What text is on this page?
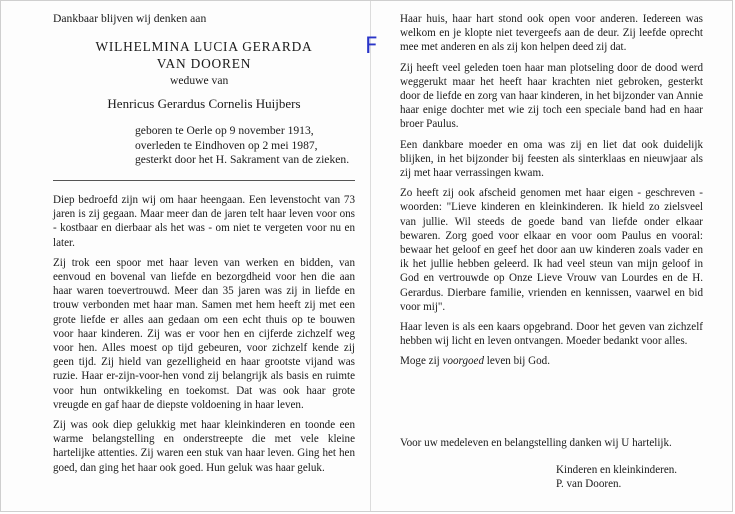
Dankbaar blijven wij denken aan
WILHELMINA LUCIA GERARDA
VAN DOOREN
F
weduwe van
Henricus Gerardus Cornelis Huijbers
geboren te Oerle op 9 november 1913,
overleden te Eindhoven op 2 mei 1987,
gesterkt door het H. Sakrament van de zieken.

Diep bedroefd zijn wij om haar heengaan. Een levenstocht van 73 jaren is zij gegaan. Maar meer dan de jaren telt haar leven voor ons - kostbaar en dierbaar als het was - om niet te vergeten voor nu en later.

Zij trok een spoor met haar leven van werken en bidden, van eenvoud en bovenal van liefde en bezorgdheid voor hen die aan haar waren toevertrouwd. Meer dan 35 jaren was zij in liefde en trouw verbonden met haar man. Samen met hem heeft zij met een grote liefde er alles aan gedaan om een echt thuis op te bouwen voor haar kinderen. Zij was er voor hen en cijferde zichzelf weg voor hen. Alles moest op tijd gebeuren, voor zichzelf kende zij geen tijd. Zij hield van gezelligheid en haar grootste vijand was ruzie. Haar er-zijn-voor-hen vond zij belangrijk als basis en ruimte voor hun ontwikkeling en toekomst. Dat was ook haar grote vreugde en gaf haar de diepste voldoening in haar leven.

Zij was ook diep gelukkig met haar kleinkinderen en toonde een warme belangstelling en onderstreepte die met vele kleine hartelijke attenties. Zij waren een stuk van haar leven. Ging het hen goed, dan ging het haar ook goed. Hun geluk was haar geluk.

Haar huis, haar hart stond ook open voor anderen. Iedereen was welkom en je klopte niet tevergeefs aan de deur. Zij leefde oprecht mee met anderen en als zij kon helpen deed zij dat.

Zij heeft veel geleden toen haar man plotseling door de dood werd weggerukt maar het heeft haar krachten niet gebroken, gesterkt door de liefde en zorg van haar kinderen, in het bijzonder van Annie haar enige dochter met wie zij toch een speciale band had en haar broer Paulus.

Een dankbare moeder en oma was zij en liet dat ook duidelijk blijken, in het bijzonder bij feesten als sinterklaas en nieuwjaar als zij met haar verrassingen kwam.

Zo heeft zij ook afscheid genomen met haar eigen - geschreven - woorden: "Lieve kinderen en kleinkinderen. Ik hield zo zielsveel van jullie. Wil steeds de goede band van liefde onder elkaar bewaren. Zorg goed voor elkaar en voor oom Paulus en vooral: bewaar het geloof en geef het door aan uw kinderen zoals vader en ik het jullie hebben geleerd. Ik had veel steun van mijn geloof in God en vertrouwde op Onze Lieve Vrouw van Lourdes en de H. Gerardus. Dierbare familie, vrienden en kennissen, vaarwel en bid voor mij".

Haar leven is als een kaars opgebrand. Door het geven van zichzelf hebben wij licht en leven ontvangen. Moeder bedankt voor alles.

Moge zij voorgoed leven bij God.

Voor uw medeleven en belangstelling danken wij U hartelijk.
Kinderen en kleinkinderen.
P. van Dooren.
